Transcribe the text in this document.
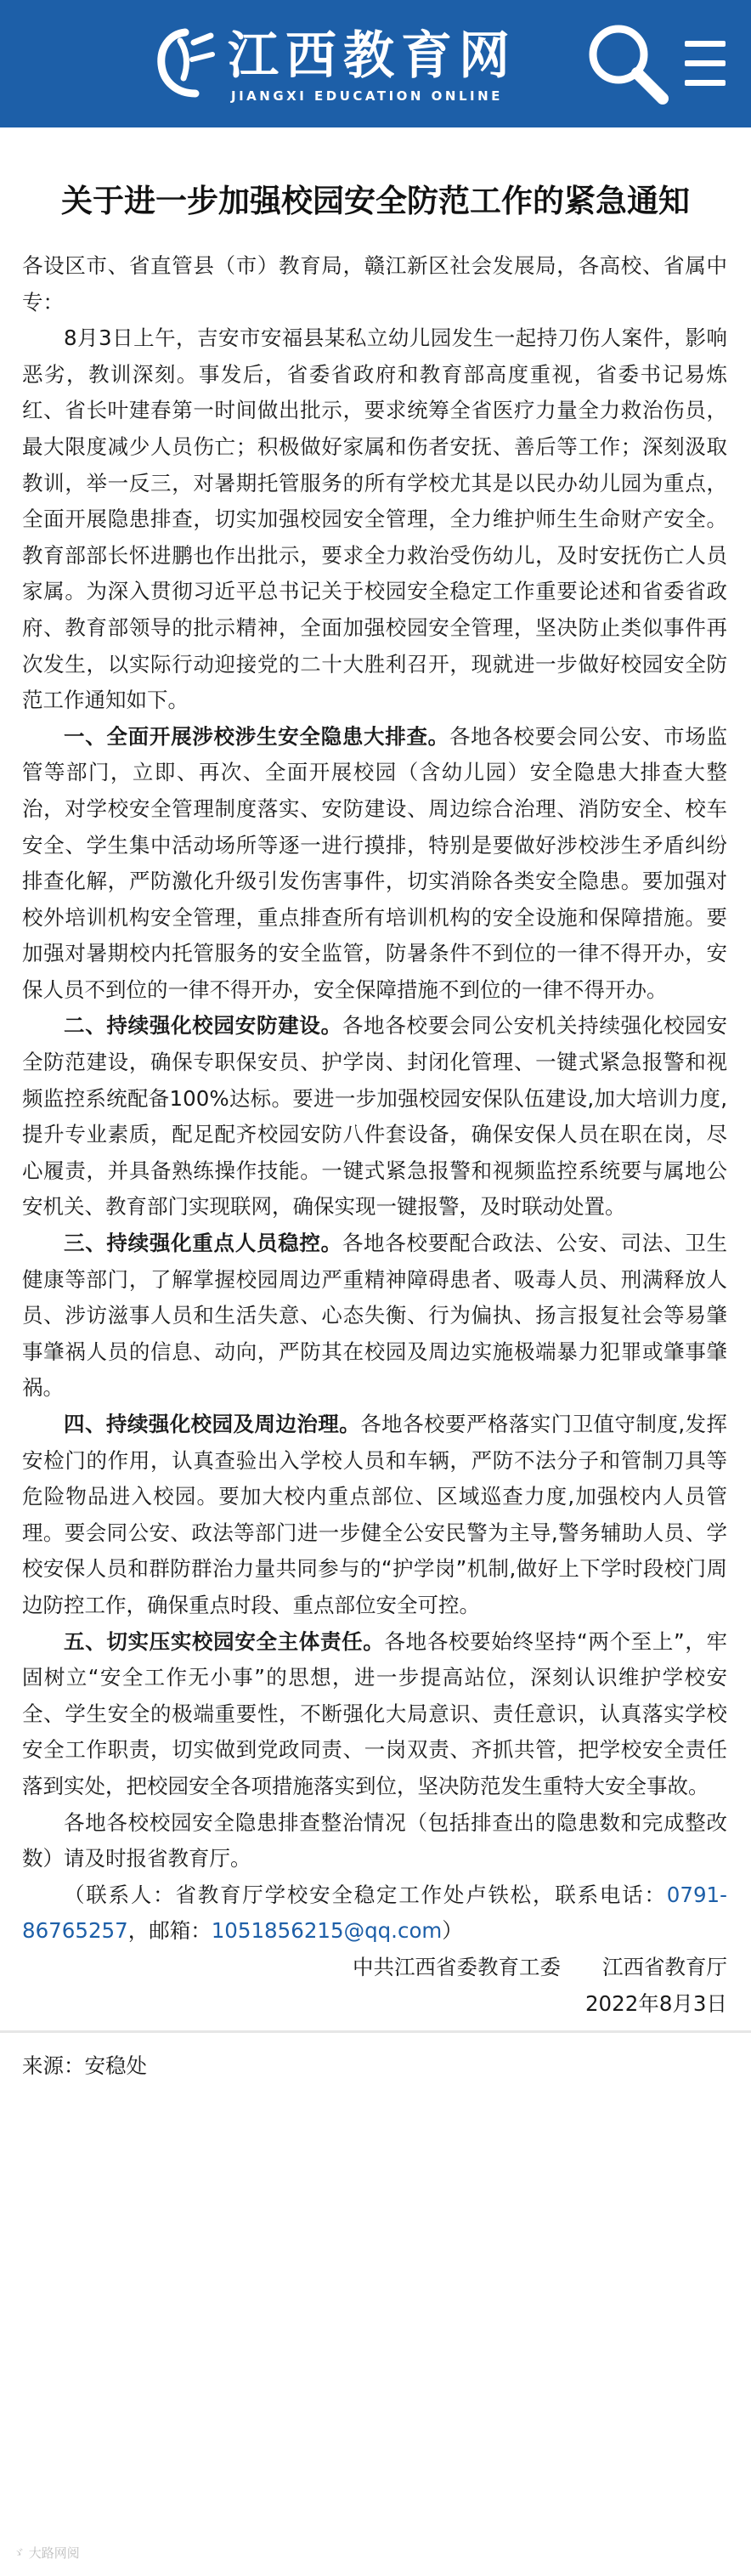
江西教育网
JIANGXI EDUCATION ONLINE
关于进一步加强校园安全防范工作的紧急通知

各设区市、省直管县（市）教育局，赣江新区社会发展局，各高校、省属中专：

8月3日上午，吉安市安福县某私立幼儿园发生一起持刀伤人案件，影响恶劣，教训深刻。事发后，省委省政府和教育部高度重视，省委书记易炼红、省长叶建春第一时间做出批示，要求统筹全省医疗力量全力救治伤员，最大限度减少人员伤亡；积极做好家属和伤者安抚、善后等工作；深刻汲取教训，举一反三，对暑期托管服务的所有学校尤其是以民办幼儿园为重点，全面开展隐患排查，切实加强校园安全管理，全力维护师生生命财产安全。教育部部长怀进鹏也作出批示，要求全力救治受伤幼儿，及时安抚伤亡人员家属。为深入贯彻习近平总书记关于校园安全稳定工作重要论述和省委省政府、教育部领导的批示精神，全面加强校园安全管理，坚决防止类似事件再次发生，以实际行动迎接党的二十大胜利召开，现就进一步做好校园安全防范工作通知如下。

一、全面开展涉校涉生安全隐患大排查。各地各校要会同公安、市场监管等部门，立即、再次、全面开展校园（含幼儿园）安全隐患大排查大整治，对学校安全管理制度落实、安防建设、周边综合治理、消防安全、校车安全、学生集中活动场所等逐一进行摸排，特别是要做好涉校涉生矛盾纠纷排查化解，严防激化升级引发伤害事件，切实消除各类安全隐患。要加强对校外培训机构安全管理，重点排查所有培训机构的安全设施和保障措施。要加强对暑期校内托管服务的安全监管，防暑条件不到位的一律不得开办，安保人员不到位的一律不得开办，安全保障措施不到位的一律不得开办。

二、持续强化校园安防建设。各地各校要会同公安机关持续强化校园安全防范建设，确保专职保安员、护学岗、封闭化管理、一键式紧急报警和视频监控系统配备100%达标。要进一步加强校园安保队伍建设,加大培训力度,提升专业素质，配足配齐校园安防八件套设备，确保安保人员在职在岗，尽心履责，并具备熟练操作技能。一键式紧急报警和视频监控系统要与属地公安机关、教育部门实现联网，确保实现一键报警，及时联动处置。

三、持续强化重点人员稳控。各地各校要配合政法、公安、司法、卫生健康等部门，了解掌握校园周边严重精神障碍患者、吸毒人员、刑满释放人员、涉访滋事人员和生活失意、心态失衡、行为偏执、扬言报复社会等易肇事肇祸人员的信息、动向，严防其在校园及周边实施极端暴力犯罪或肇事肇祸。

四、持续强化校园及周边治理。各地各校要严格落实门卫值守制度,发挥安检门的作用，认真查验出入学校人员和车辆，严防不法分子和管制刀具等危险物品进入校园。要加大校内重点部位、区域巡查力度,加强校内人员管理。要会同公安、政法等部门进一步健全公安民警为主导,警务辅助人员、学校安保人员和群防群治力量共同参与的“护学岗”机制,做好上下学时段校门周边防控工作，确保重点时段、重点部位安全可控。

五、切实压实校园安全主体责任。各地各校要始终坚持“两个至上”，牢固树立“安全工作无小事”的思想，进一步提高站位，深刻认识维护学校安全、学生安全的极端重要性，不断强化大局意识、责任意识，认真落实学校安全工作职责，切实做到党政同责、一岗双责、齐抓共管，把学校安全责任落到实处，把校园安全各项措施落实到位，坚决防范发生重特大安全事故。

各地各校校园安全隐患排查整治情况（包括排查出的隐患数和完成整改数）请及时报省教育厅。

（联系人：省教育厅学校安全稳定工作处卢铁松，联系电话：0791-86765257，邮箱：1051856215@qq.com）

中共江西省委教育工委　　江西省教育厅

2022年8月3日

来源：安稳处
ゞ 大路网阅
